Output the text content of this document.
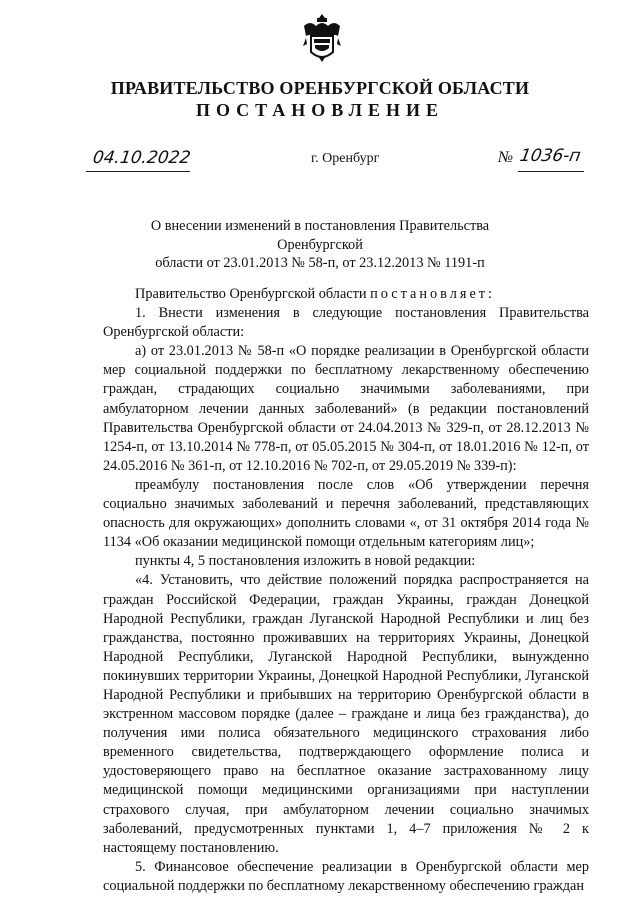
ПРАВИТЕЛЬСТВО ОРЕНБУРГСКОЙ ОБЛАСТИ
ПОСТАНОВЛЕНИЕ
04.10.2022	г. Оренбург	№ 1036-п
О внесении изменений в постановления Правительства Оренбургской
области от 23.01.2013 № 58-п, от 23.12.2013 № 1191-п

Правительство Оренбургской области постановляет:

1. Внести изменения в следующие постановления Правительства Оренбургской области:

а) от 23.01.2013 № 58-п «О порядке реализации в Оренбургской области мер социальной поддержки по бесплатному лекарственному обеспечению граждан, страдающих социально значимыми заболеваниями, при амбулаторном лечении данных заболеваний» (в редакции постановлений Правительства Оренбургской области от 24.04.2013 № 329-п, от 28.12.2013 № 1254-п, от 13.10.2014 № 778-п, от 05.05.2015 № 304-п, от 18.01.2016 № 12-п, от 24.05.2016 № 361-п, от 12.10.2016 № 702-п, от 29.05.2019 № 339-п):

преамбулу постановления после слов «Об утверждении перечня социально значимых заболеваний и перечня заболеваний, представляющих опасность для окружающих» дополнить словами «, от 31 октября 2014 года № 1134 «Об оказании медицинской помощи отдельным категориям лиц»;

пункты 4, 5 постановления изложить в новой редакции:

«4. Установить, что действие положений порядка распространяется на граждан Российской Федерации, граждан Украины, граждан Донецкой Народной Республики, граждан Луганской Народной Республики и лиц без гражданства, постоянно проживавших на территориях Украины, Донецкой Народной Республики, Луганской Народной Республики, вынужденно покинувших территории Украины, Донецкой Народной Республики, Луганской Народной Республики и прибывших на территорию Оренбургской области в экстренном массовом порядке (далее – граждане и лица без гражданства), до получения ими полиса обязательного медицинского страхования либо временного свидетельства, подтверждающего оформление полиса и удостоверяющего право на бесплатное оказание застрахованному лицу медицинской помощи медицинскими организациями при наступлении страхового случая, при амбулаторном лечении социально значимых заболеваний, предусмотренных пунктами 1, 4–7 приложения № 2 к настоящему постановлению.

5. Финансовое обеспечение реализации в Оренбургской области мер социальной поддержки по бесплатному лекарственному обеспечению граждан
